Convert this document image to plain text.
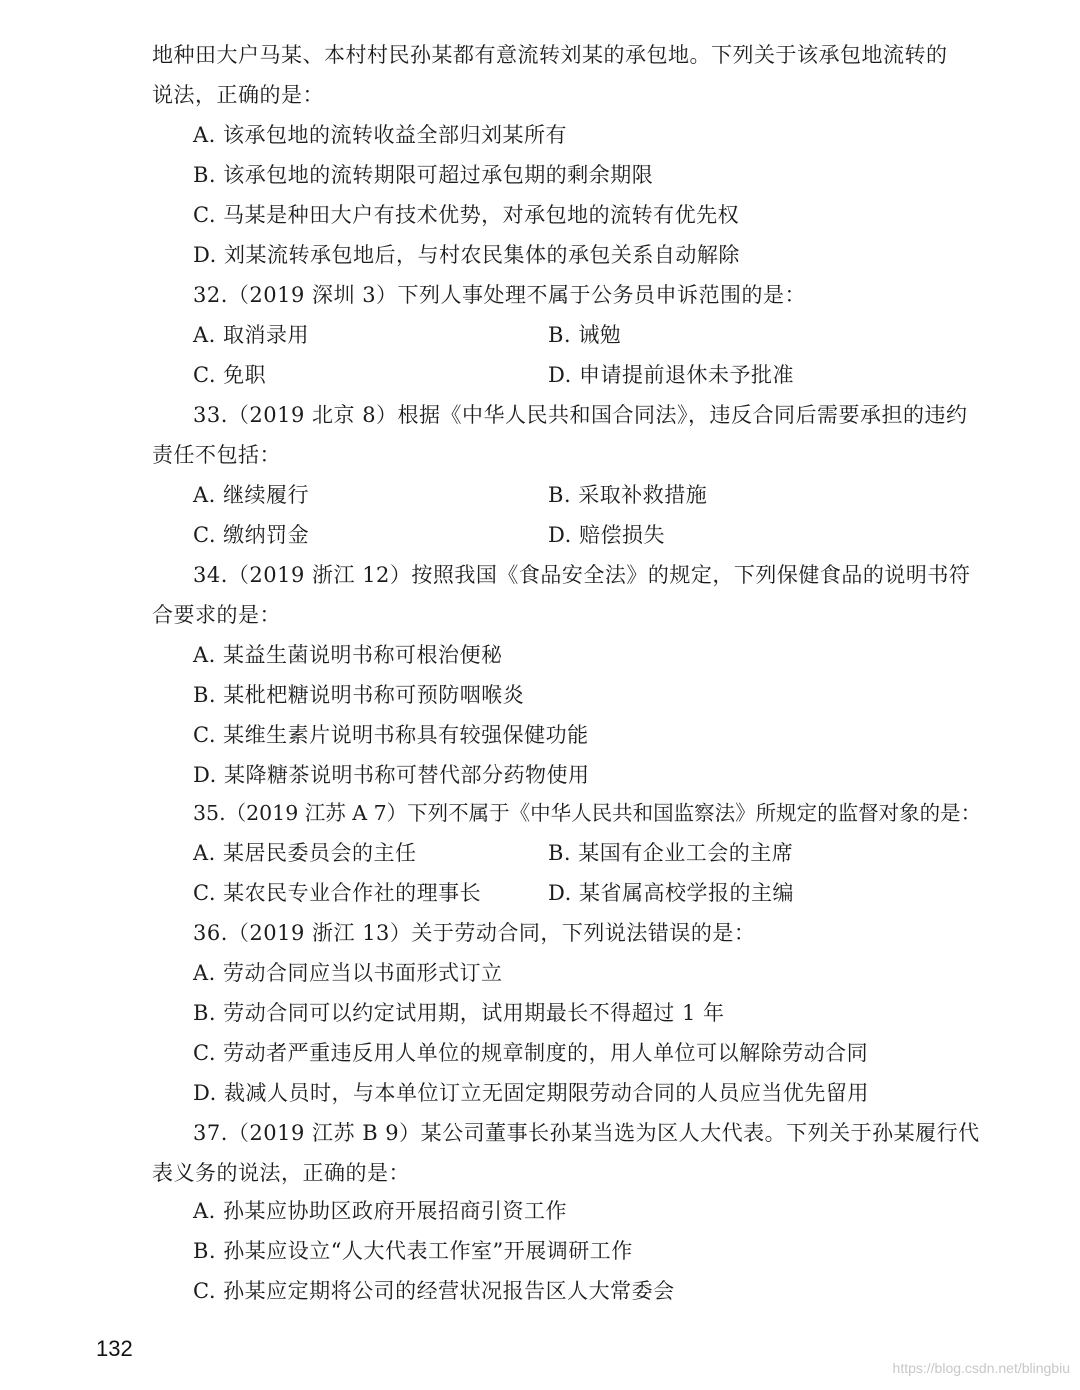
地种田大户马某、本村村民孙某都有意流转刘某的承包地。下列关于该承包地流转的
说法，正确的是：
A. 该承包地的流转收益全部归刘某所有
B. 该承包地的流转期限可超过承包期的剩余期限
C. 马某是种田大户有技术优势，对承包地的流转有优先权
D. 刘某流转承包地后，与村农民集体的承包关系自动解除
32.（2019 深圳 3）下列人事处理不属于公务员申诉范围的是：
A. 取消录用	B. 诫勉
C. 免职	D. 申请提前退休未予批准
33.（2019 北京 8）根据《中华人民共和国合同法》，违反合同后需要承担的违约
责任不包括：
A. 继续履行	B. 采取补救措施
C. 缴纳罚金	D. 赔偿损失
34.（2019 浙江 12）按照我国《食品安全法》的规定，下列保健食品的说明书符
合要求的是：
A. 某益生菌说明书称可根治便秘
B. 某枇杷糖说明书称可预防咽喉炎
C. 某维生素片说明书称具有较强保健功能
D. 某降糖茶说明书称可替代部分药物使用
35.（2019 江苏 A 7）下列不属于《中华人民共和国监察法》所规定的监督对象的是：
A. 某居民委员会的主任	B. 某国有企业工会的主席
C. 某农民专业合作社的理事长	D. 某省属高校学报的主编
36.（2019 浙江 13）关于劳动合同，下列说法错误的是：
A. 劳动合同应当以书面形式订立
B. 劳动合同可以约定试用期，试用期最长不得超过 1 年
C. 劳动者严重违反用人单位的规章制度的，用人单位可以解除劳动合同
D. 裁减人员时，与本单位订立无固定期限劳动合同的人员应当优先留用
37.（2019 江苏 B 9）某公司董事长孙某当选为区人大代表。下列关于孙某履行代
表义务的说法，正确的是：
A. 孙某应协助区政府开展招商引资工作
B. 孙某应设立“人大代表工作室”开展调研工作
C. 孙某应定期将公司的经营状况报告区人大常委会
132
https://blog.csdn.net/blingbiu
